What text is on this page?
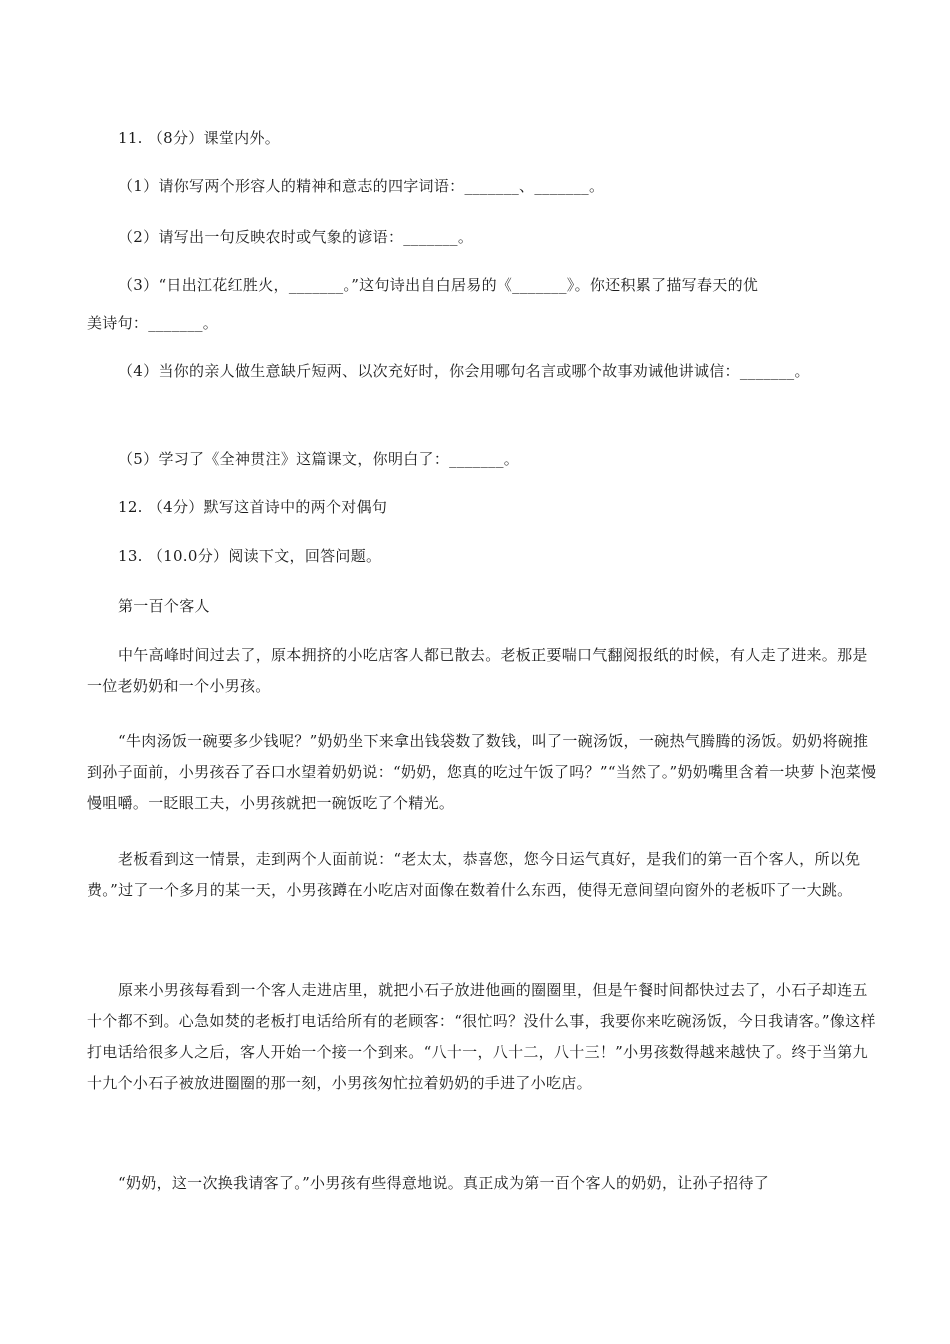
11. （8分）课堂内外。
（1）请你写两个形容人的精神和意志的四字词语：_______、_______。
（2）请写出一句反映农时或气象的谚语：_______。
（3）“日出江花红胜火，_______。”这句诗出自白居易的《_______》。你还积累了描写春天的优
美诗句：_______。
（4）当你的亲人做生意缺斤短两、以次充好时，你会用哪句名言或哪个故事劝诫他讲诚信：_______。
（5）学习了《全神贯注》这篇课文，你明白了：_______。
12. （4分）默写这首诗中的两个对偶句
13. （10.0分）阅读下文，回答问题。
第一百个客人
中午高峰时间过去了，原本拥挤的小吃店客人都已散去。老板正要喘口气翻阅报纸的时候，有人走了进来。那是一位老奶奶和一个小男孩。
“牛肉汤饭一碗要多少钱呢？”奶奶坐下来拿出钱袋数了数钱，叫了一碗汤饭，一碗热气腾腾的汤饭。奶奶将碗推到孙子面前，小男孩吞了吞口水望着奶奶说：“奶奶，您真的吃过午饭了吗？”“当然了。”奶奶嘴里含着一块萝卜泡菜慢慢咀嚼。一眨眼工夫，小男孩就把一碗饭吃了个精光。
老板看到这一情景，走到两个人面前说：“老太太，恭喜您，您今日运气真好，是我们的第一百个客人，所以免费。”过了一个多月的某一天，小男孩蹲在小吃店对面像在数着什么东西，使得无意间望向窗外的老板吓了一大跳。
原来小男孩每看到一个客人走进店里，就把小石子放进他画的圈圈里，但是午餐时间都快过去了，小石子却连五十个都不到。心急如焚的老板打电话给所有的老顾客：“很忙吗？没什么事，我要你来吃碗汤饭，今日我请客。”像这样打电话给很多人之后，客人开始一个接一个到来。“八十一，八十二，八十三！”小男孩数得越来越快了。终于当第九十九个小石子被放进圈圈的那一刻，小男孩匆忙拉着奶奶的手进了小吃店。
“奶奶，这一次换我请客了。”小男孩有些得意地说。真正成为第一百个客人的奶奶，让孙子招待了
